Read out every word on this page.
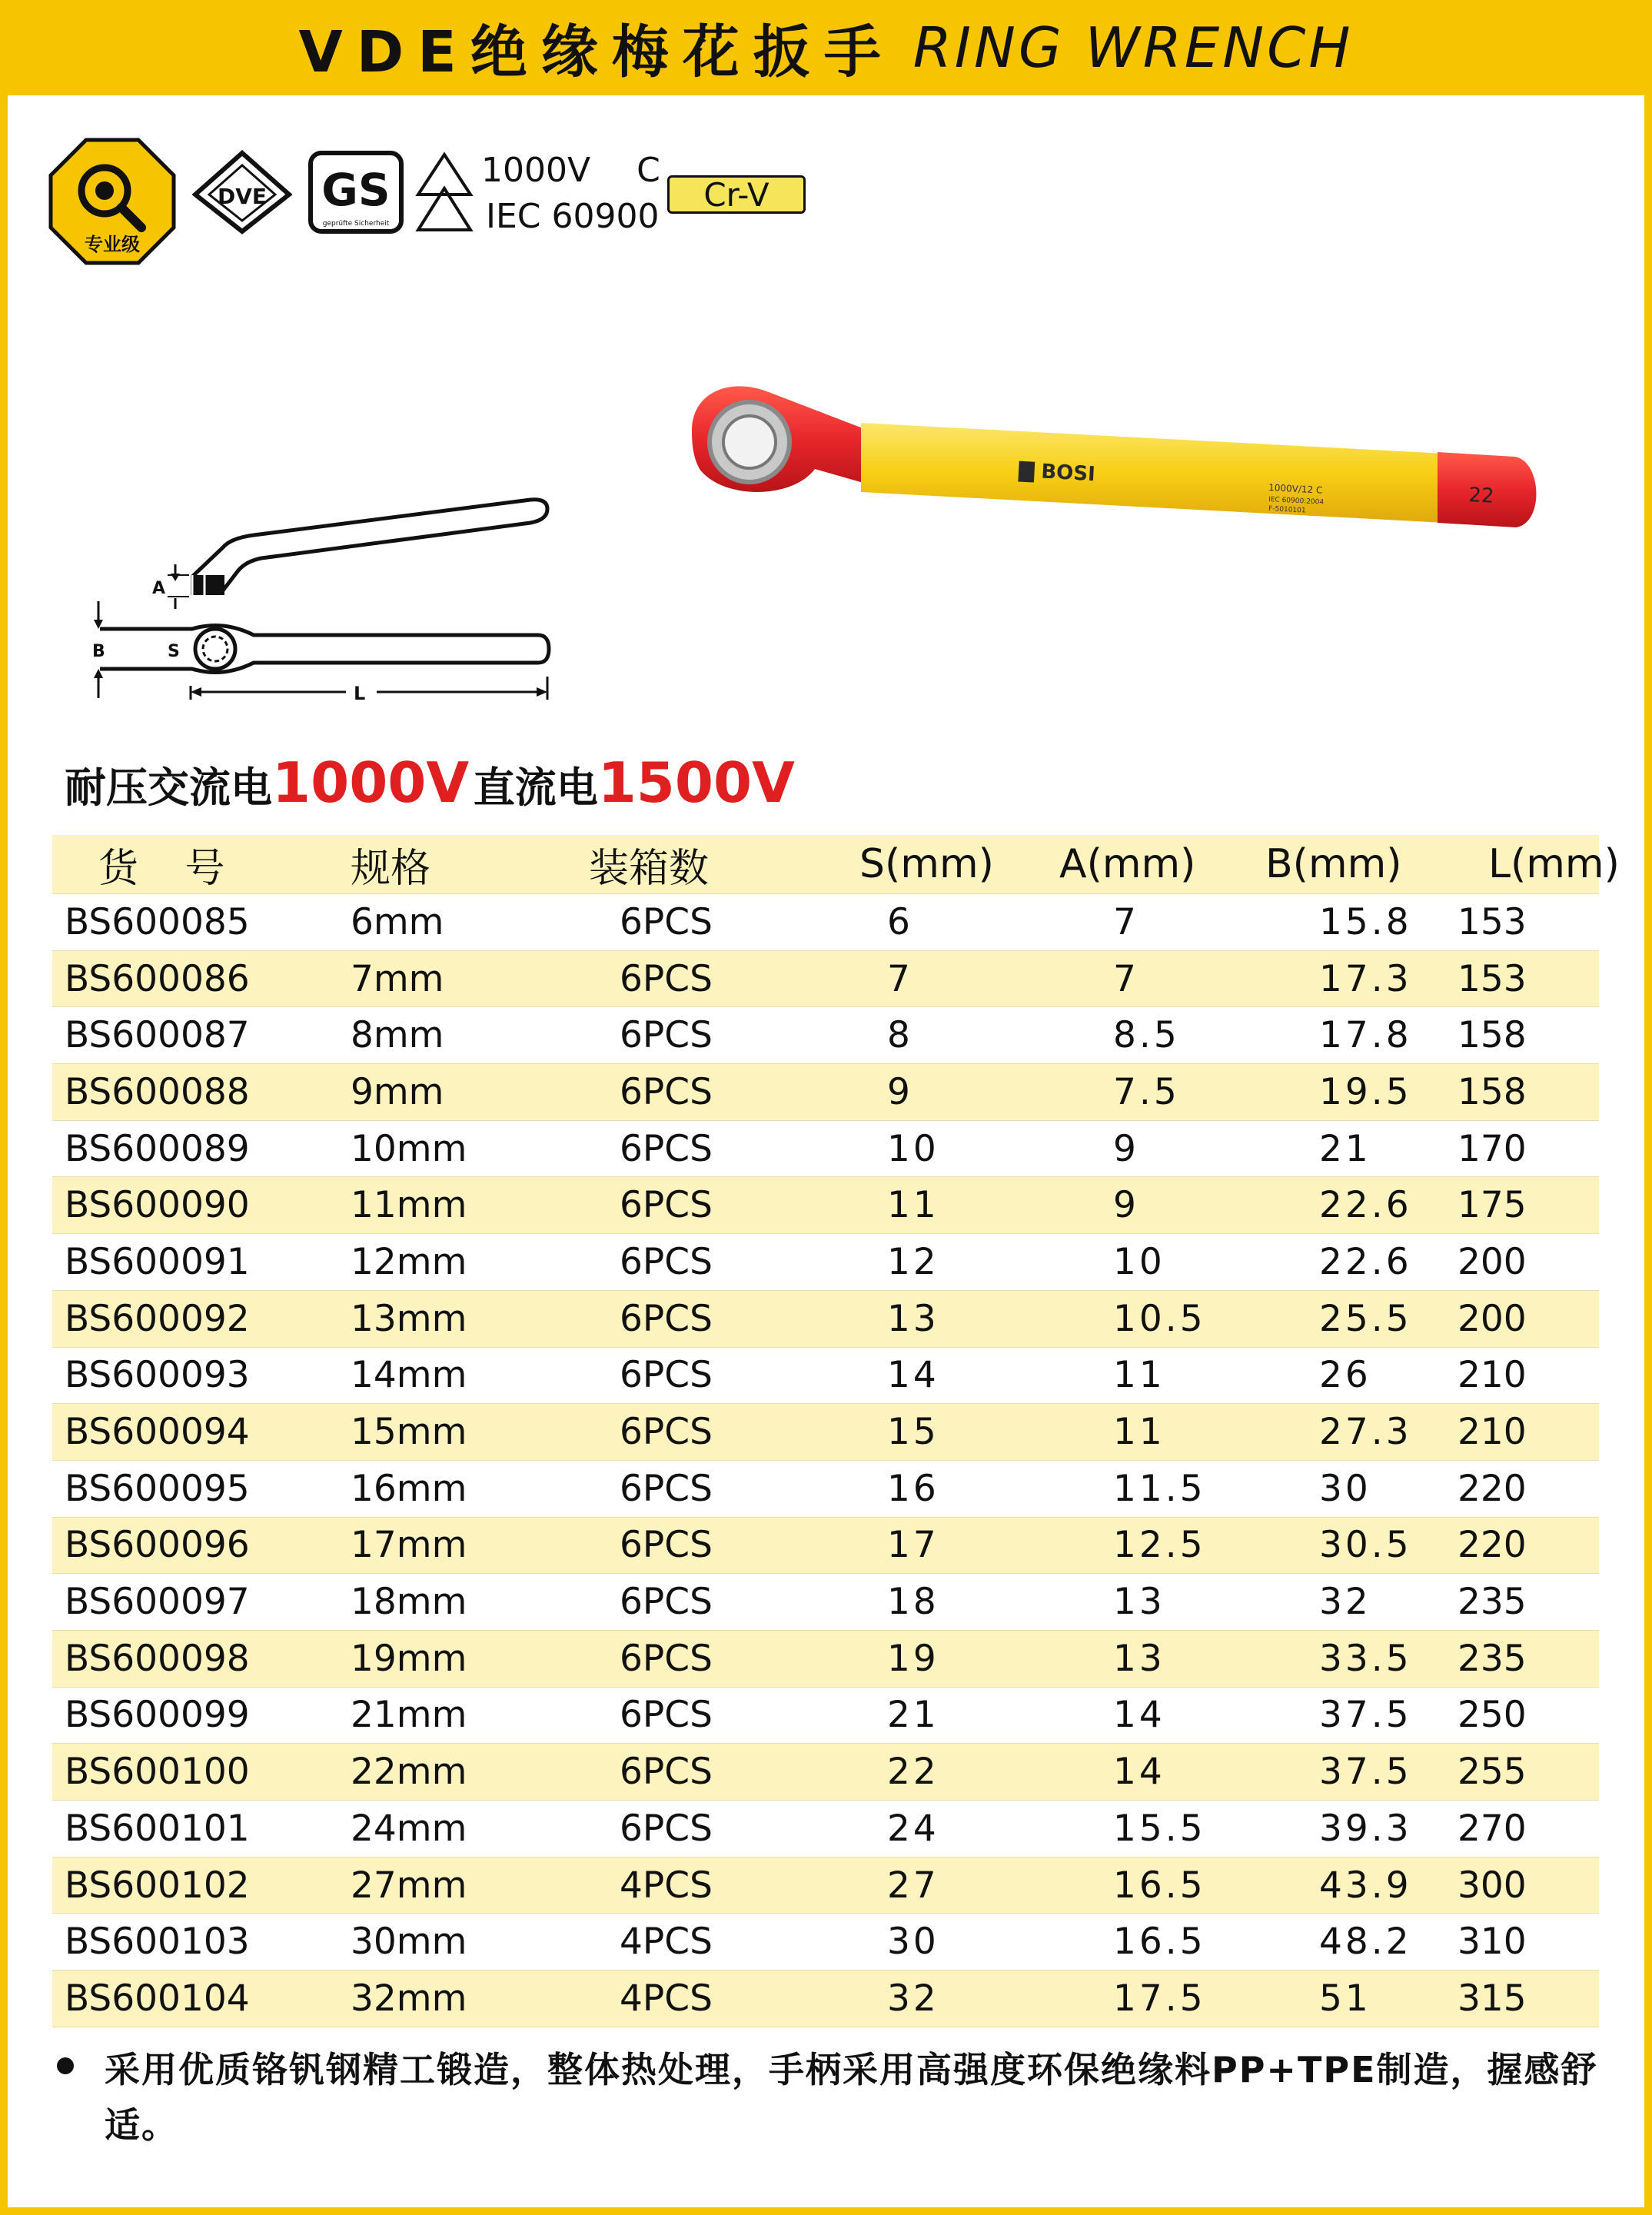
VDE绝缘梅花扳手 RING WRENCH
专业级
DVE GS
geprüfte Sicherheit
1000V C
IEC 60900
Cr-V
▇ BOSI
1000V/12 C
IEC 60900:2004
F-5010101
22
A
B	S
L
耐压交流电1000V 直流电1500V
货 号	规格	装箱数	S(mm)	A(mm)	B(mm)	L(mm)
BS600085	6mm	6PCS	6	7	15.8	153
BS600086	7mm	6PCS	7	7	17.3	153
BS600087	8mm	6PCS	8	8.5	17.8	158
BS600088	9mm	6PCS	9	7.5	19.5	158
BS600089	10mm	6PCS	10	9	21	170
BS600090	11mm	6PCS	11	9	22.6	175
BS600091	12mm	6PCS	12	10	22.6	200
BS600092	13mm	6PCS	13	10.5	25.5	200
BS600093	14mm	6PCS	14	11	26	210
BS600094	15mm	6PCS	15	11	27.3	210
BS600095	16mm	6PCS	16	11.5	30	220
BS600096	17mm	6PCS	17	12.5	30.5	220
BS600097	18mm	6PCS	18	13	32	235
BS600098	19mm	6PCS	19	13	33.5	235
BS600099	21mm	6PCS	21	14	37.5	250
BS600100	22mm	6PCS	22	14	37.5	255
BS600101	24mm	6PCS	24	15.5	39.3	270
BS600102	27mm	4PCS	27	16.5	43.9	300
BS600103	30mm	4PCS	30	16.5	48.2	310
BS600104	32mm	4PCS	32	17.5	51	315
采用优质铬钒钢精工锻造，整体热处理，手柄采用高强度环保绝缘料PP+TPE制造，握感舒适。
